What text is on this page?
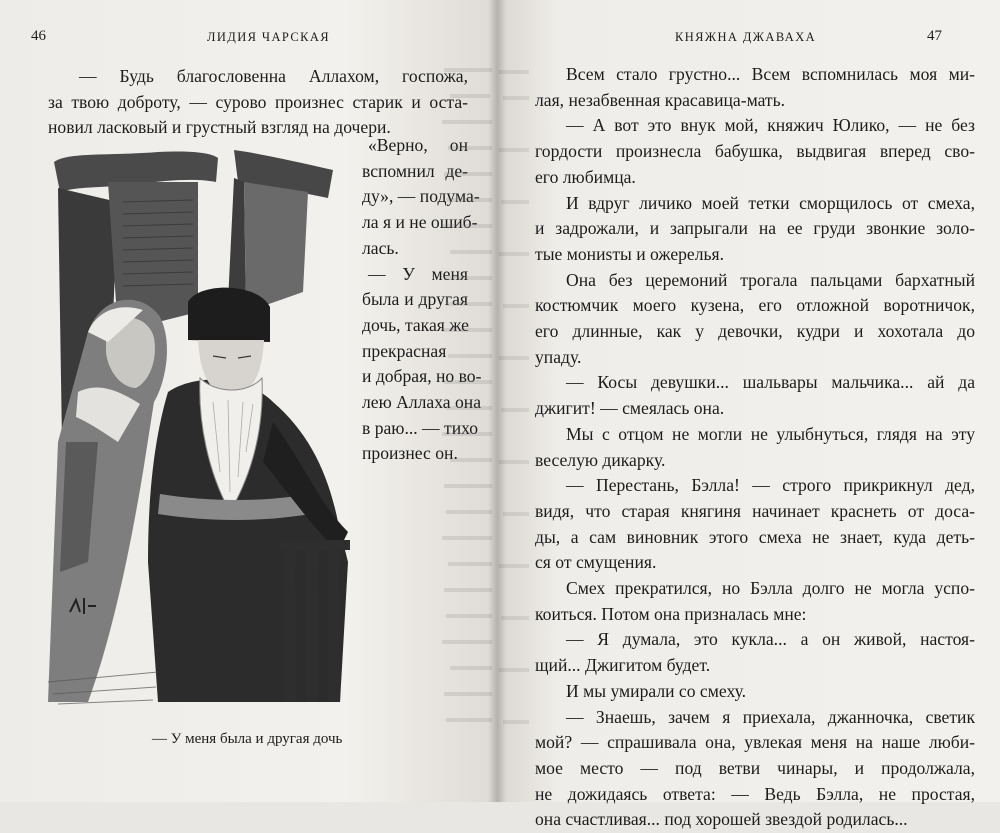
46	ЛИДИЯ ЧАРСКАЯ
— Будь благословенна Аллахом, госпожа,
за твою доброту, — сурово произнес старик и оста-
новил ласковый и грустный взгляд на дочери.
«Верно, он
вспомнил де-
ду», — подума-
ла я и не ошиб-
лась.
— У меня
была и другая
дочь, такая же
прекрасная
и добрая, но во-
лею Аллаха она
в раю... — тихо
произнес он.
— У меня была и другая дочь
КНЯЖНА ДЖАВАХА	47
Всем стало грустно... Всем вспомнилась моя ми-
лая, незабвенная красавица-мать.
— А вот это внук мой, княжич Юлико, — не без
гордости произнесла бабушка, выдвигая вперед сво-
его любимца.
И вдруг личико моей тетки сморщилось от смеха,
и задрожали, и запрыгали на ее груди звонкие золо-
тые мониsты и ожерелья.
Она без церемоний трогала пальцами бархатный
костюмчик моего кузена, его отложной воротничок,
его длинные, как у девочки, кудри и хохотала до
упаду.
— Косы девушки... шальвары мальчика... ай да
джигит! — смеялась она.
Мы с отцом не могли не улыбнуться, глядя на эту
веселую дикарку.
— Перестань, Бэлла! — строго прикрикнул дед,
видя, что старая княгиня начинает краснеть от доса-
ды, а сам виновник этого смеха не знает, куда деть-
ся от смущения.
Смех прекратился, но Бэлла долго не могла успо-
коиться. Потом она призналась мне:
— Я думала, это кукла... а он живой, настоя-
щий... Джигитом будет.
И мы умирали со смеху.
— Знаешь, зачем я приехала, джанночка, светик
мой? — спрашивала она, увлекая меня на наше люби-
мое место — под ветви чинары, и продолжала,
не дожидаясь ответа: — Ведь Бэлла, не простая,
она счастливая... под хорошей звездой родилась...
